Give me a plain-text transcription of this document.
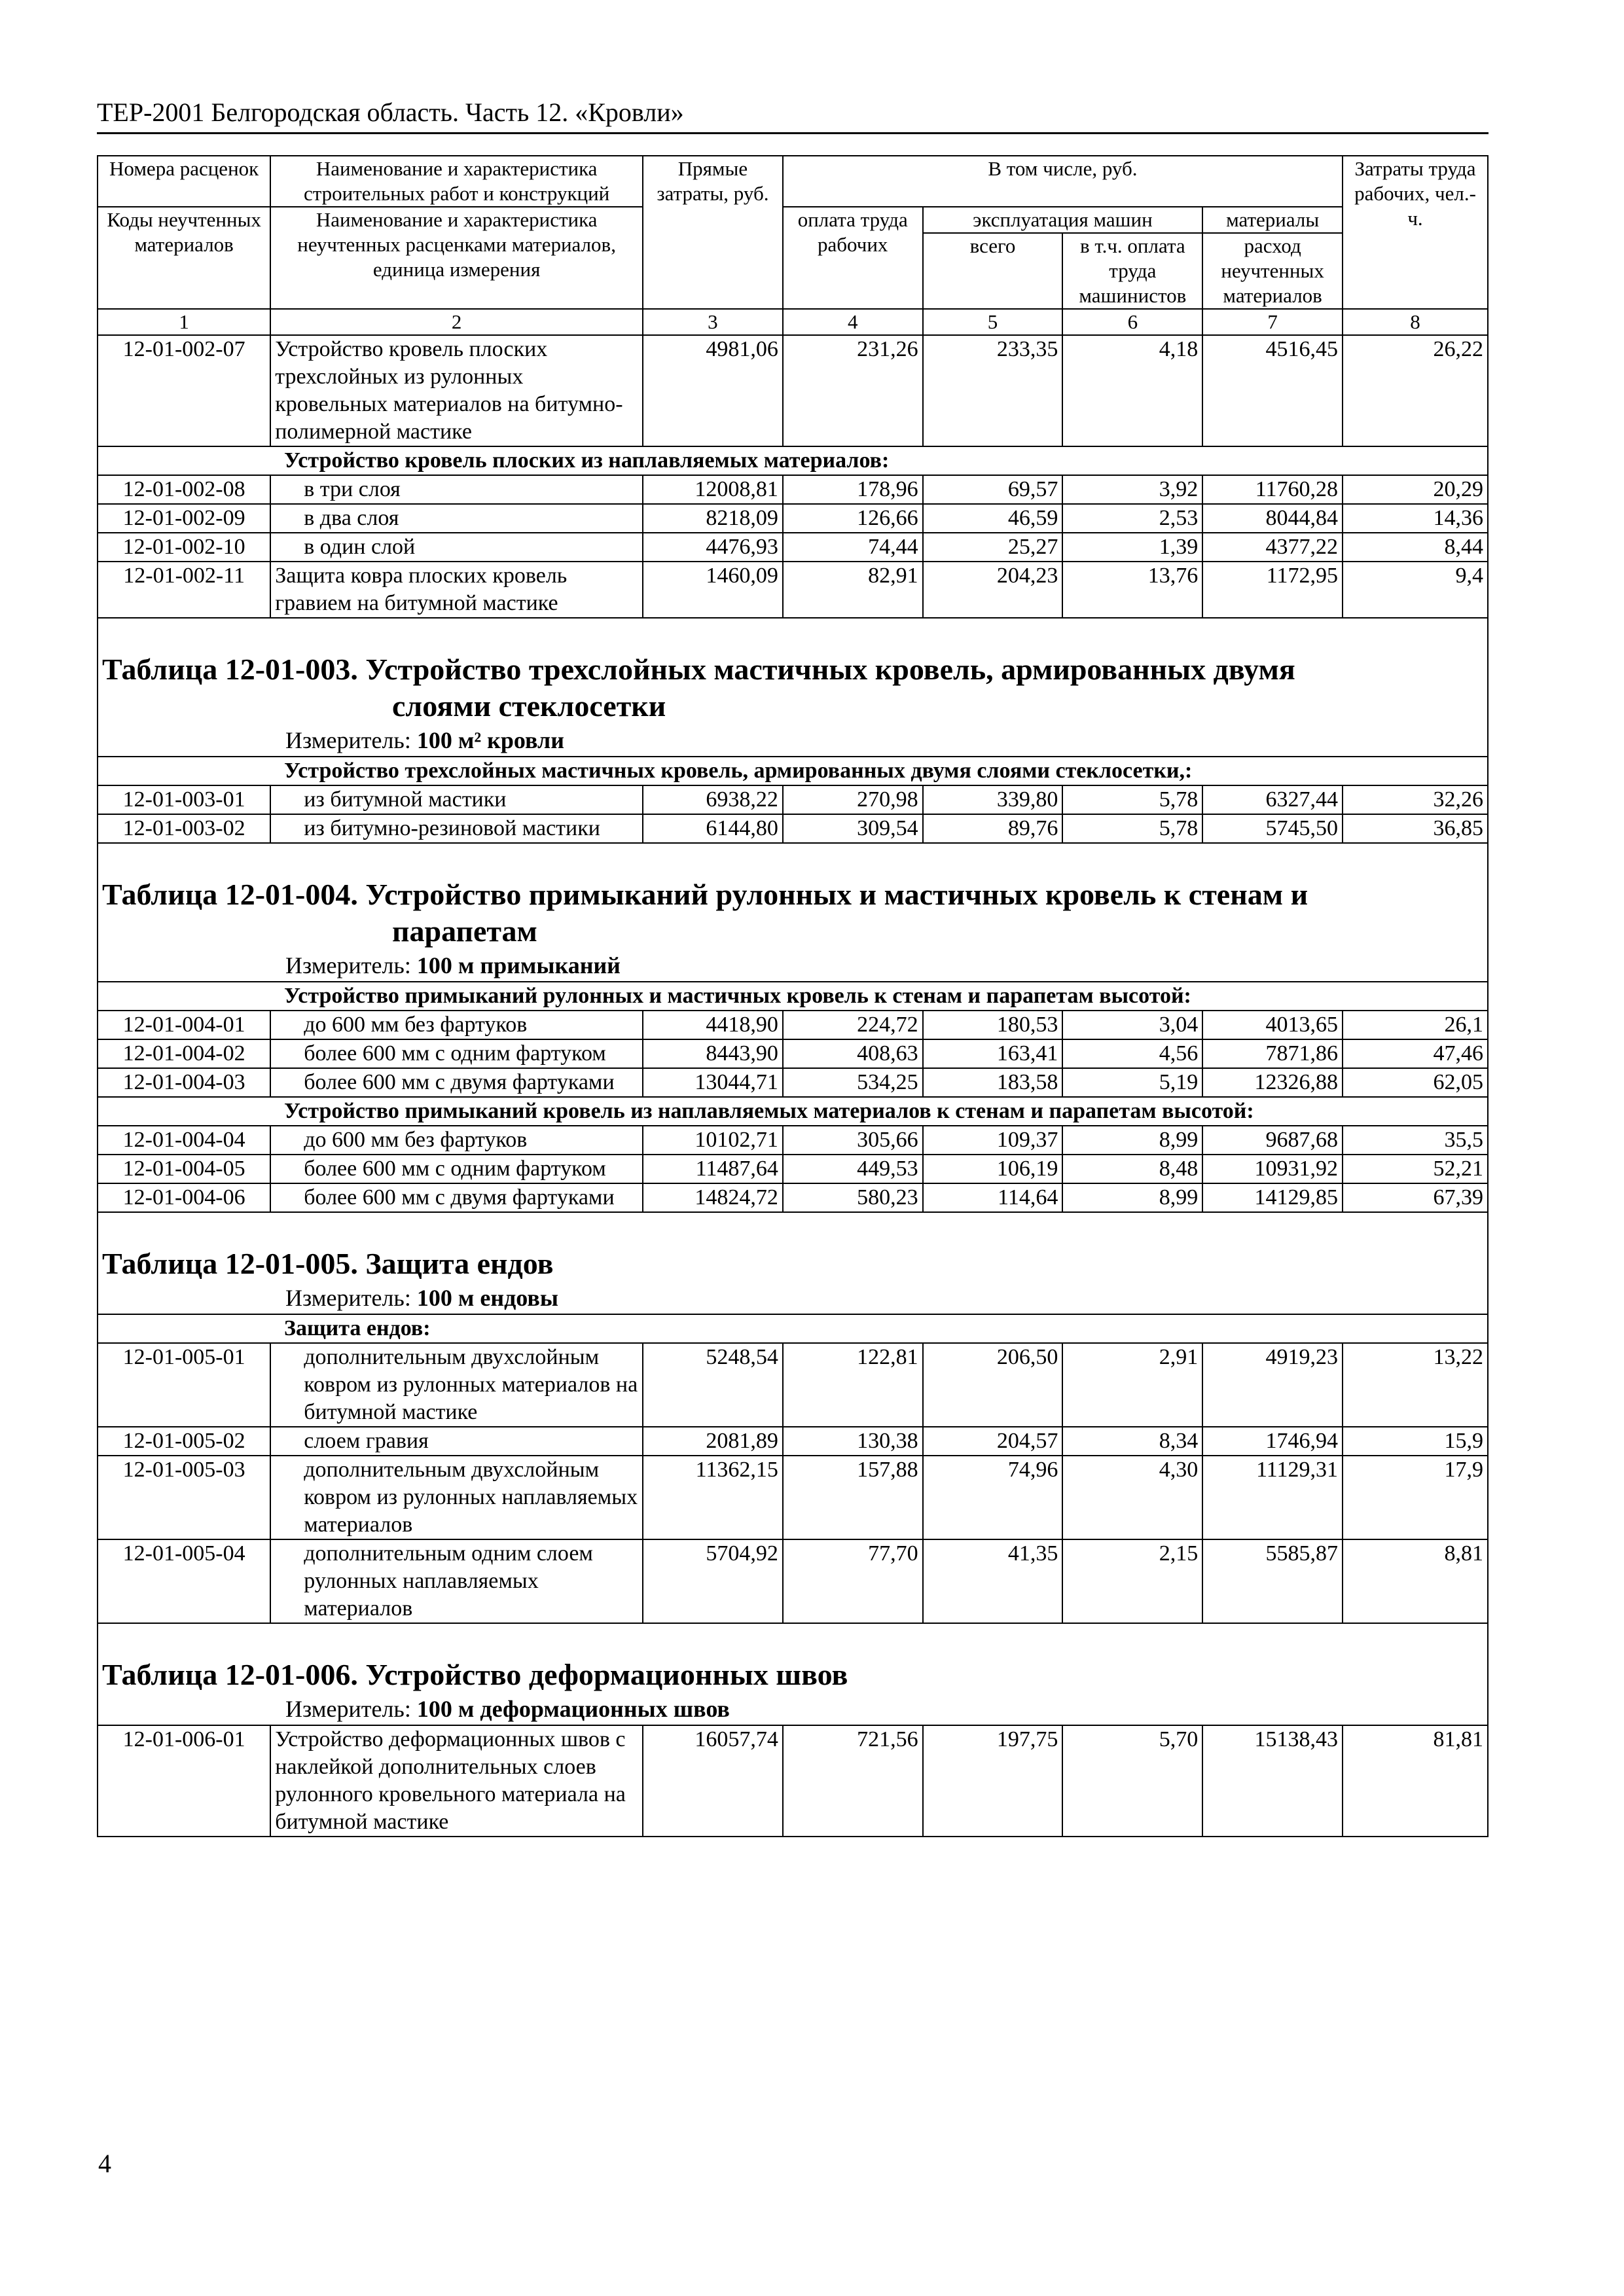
ТЕР-2001 Белгородская область. Часть 12. «Кровли»
Номера расценок	Наименование и характеристика строительных работ и конструкций	Прямые затраты, руб.	В том числе, руб.				Затраты труда рабочих, чел.-ч.
Коды неучтенных материалов	Наименование и характеристика неучтенных расценками материалов, единица измерения		оплата труда рабочих	эксплуатация машин		материалы	
				всего	в т.ч. оплата труда машинистов	расход неучтенных материалов	
1	2	3	4	5	6	7	8
12-01-002-07	Устройство кровель плоских трехслойных из рулонных кровельных материалов на битумно-полимерной мастике	4981,06	231,26	233,35	4,18	4516,45	26,22
Устройство кровель плоских из наплавляемых материалов:							
12-01-002-08	в три слоя	12008,81	178,96	69,57	3,92	11760,28	20,29
12-01-002-09	в два слоя	8218,09	126,66	46,59	2,53	8044,84	14,36
12-01-002-10	в один слой	4476,93	74,44	25,27	1,39	4377,22	8,44
12-01-002-11	Защита ковра плоских кровель гравием на битумной мастике	1460,09	82,91	204,23	13,76	1172,95	9,4

Таблица 12-01-003. Устройство трехслойных мастичных кровель, армированных двумя
слоями стеклосетки							

Измеритель: 100 м² кровли							
Устройство трехслойных мастичных кровель, армированных двумя слоями стеклосетки,:							
12-01-003-01	из битумной мастики	6938,22	270,98	339,80	5,78	6327,44	32,26
12-01-003-02	из битумно-резиновой мастики	6144,80	309,54	89,76	5,78	5745,50	36,85

Таблица 12-01-004. Устройство примыканий рулонных и мастичных кровель к стенам и
парапетам							

Измеритель: 100 м примыканий							
Устройство примыканий рулонных и мастичных кровель к стенам и парапетам высотой:							
12-01-004-01	до 600 мм без фартуков	4418,90	224,72	180,53	3,04	4013,65	26,1
12-01-004-02	более 600 мм с одним фартуком	8443,90	408,63	163,41	4,56	7871,86	47,46
12-01-004-03	более 600 мм с двумя фартуками	13044,71	534,25	183,58	5,19	12326,88	62,05
Устройство примыканий кровель из наплавляемых материалов к стенам и парапетам высотой:							
12-01-004-04	до 600 мм без фартуков	10102,71	305,66	109,37	8,99	9687,68	35,5
12-01-004-05	более 600 мм с одним фартуком	11487,64	449,53	106,19	8,48	10931,92	52,21
12-01-004-06	более 600 мм с двумя фартуками	14824,72	580,23	114,64	8,99	14129,85	67,39

Таблица 12-01-005. Защита ендов							
Измеритель: 100 м ендовы							
Защита ендов:							
12-01-005-01	дополнительным двухслойным ковром из рулонных материалов на битумной мастике	5248,54	122,81	206,50	2,91	4919,23	13,22
12-01-005-02	слоем гравия	2081,89	130,38	204,57	8,34	1746,94	15,9
12-01-005-03	дополнительным двухслойным ковром из рулонных наплавляемых материалов	11362,15	157,88	74,96	4,30	11129,31	17,9
12-01-005-04	дополнительным одним слоем рулонных наплавляемых материалов	5704,92	77,70	41,35	2,15	5585,87	8,81

Таблица 12-01-006. Устройство деформационных швов							
Измеритель: 100 м деформационных швов							
12-01-006-01	Устройство деформационных швов с наклейкой дополнительных слоев рулонного кровельного материала на битумной мастике	16057,74	721,56	197,75	5,70	15138,43	81,81
4
